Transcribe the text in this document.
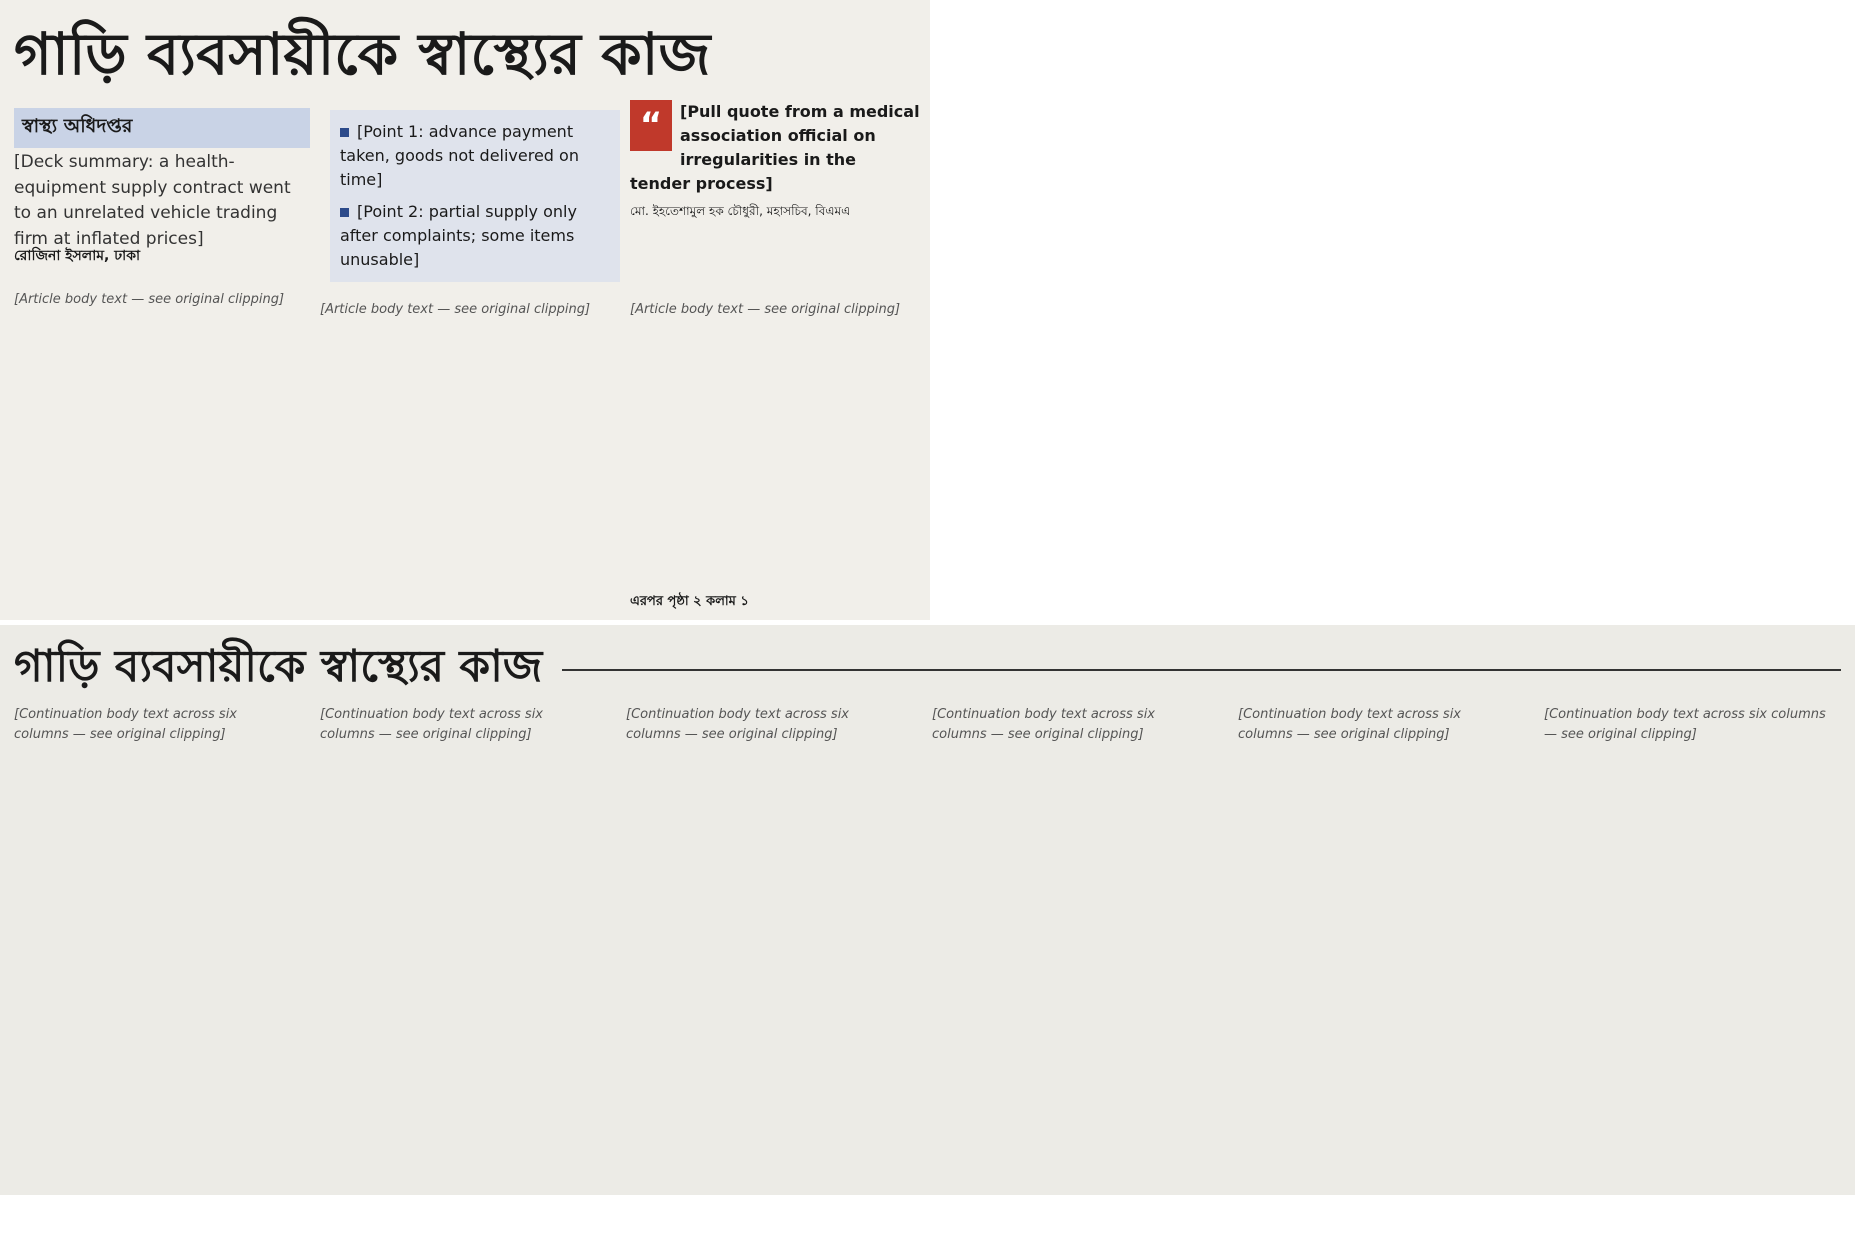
গাড়ি ব্যবসায়ীকে স্বাস্থ্যের কাজ
স্বাস্থ্য অধিদপ্তর
[Deck summary: a health-equipment supply contract went to an unrelated vehicle trading firm at inflated prices]
রোজিনা ইসলাম, ঢাকা
[Point 1: advance payment taken, goods not delivered on time]
[Point 2: partial supply only after complaints; some items unusable]
“	[Pull quote from a medical association official on irregularities in the tender process]
মো. ইহতেশামুল হক চৌধুরী, মহাসচিব, বিএমএ
[Article body text — see original clipping]
[Article body text — see original clipping]	[Article body text — see original clipping]
এরপর পৃষ্ঠা ২ কলাম ১
গাড়ি ব্যবসায়ীকে স্বাস্থ্যের কাজ
[Continuation body text across six columns — see original clipping]
[Continuation body text across six columns — see original clipping]
[Continuation body text across six columns — see original clipping]
[Continuation body text across six columns — see original clipping]
[Continuation body text across six columns — see original clipping]
[Continuation body text across six columns — see original clipping]
